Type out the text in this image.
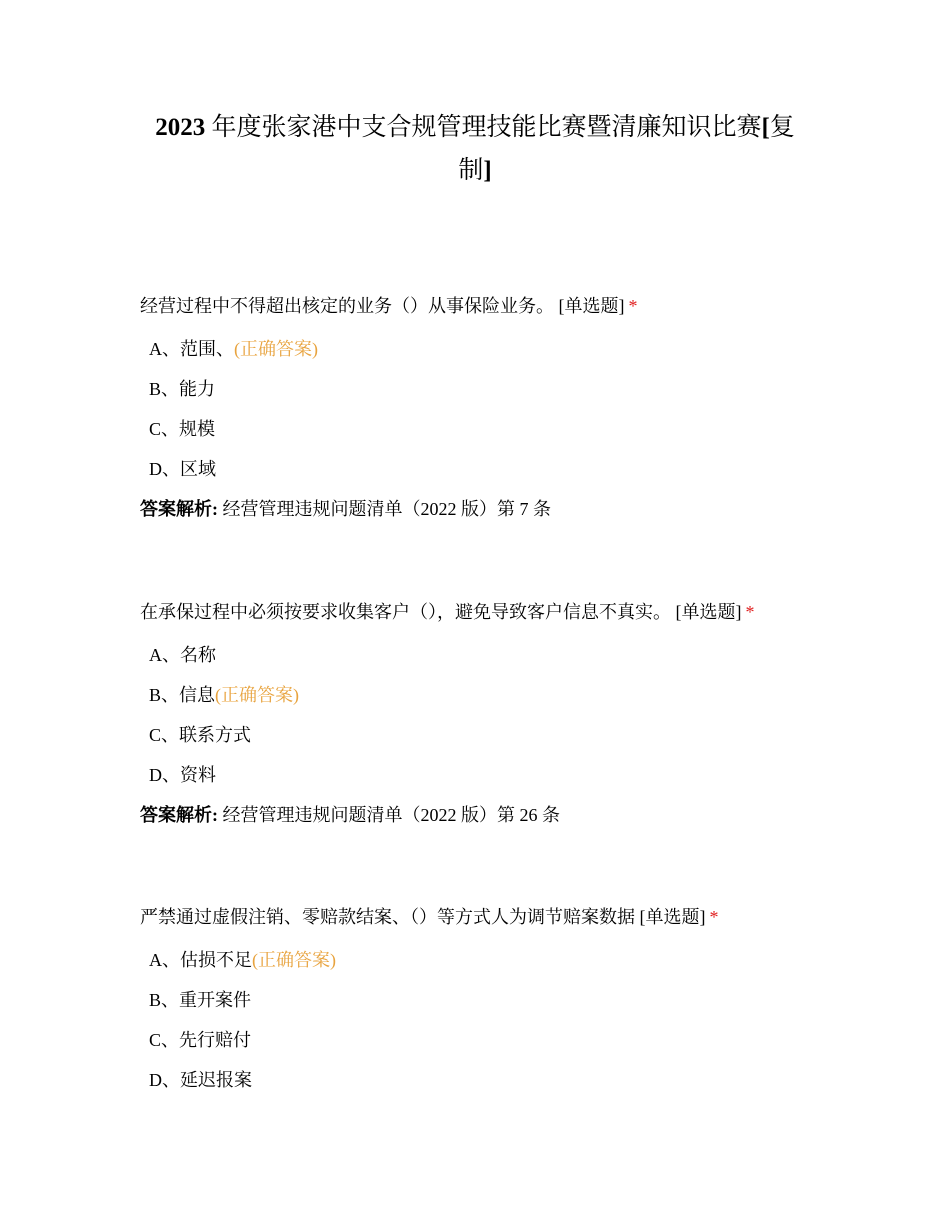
2023 年度张家港中支合规管理技能比赛暨清廉知识比赛[复
制]

经营过程中不得超出核定的业务（）从事保险业务。 [单选题] *

A、范围、(正确答案)
B、能力
C、规模
D、区域
答案解析: 经营管理违规问题清单（2022 版）第 7 条

在承保过程中必须按要求收集客户（），避免导致客户信息不真实。 [单选题] *

A、名称
B、信息(正确答案)
C、联系方式
D、资料
答案解析: 经营管理违规问题清单（2022 版）第 26 条

严禁通过虚假注销、零赔款结案、（）等方式人为调节赔案数据 [单选题] *

A、估损不足(正确答案)
B、重开案件
C、先行赔付
D、延迟报案
